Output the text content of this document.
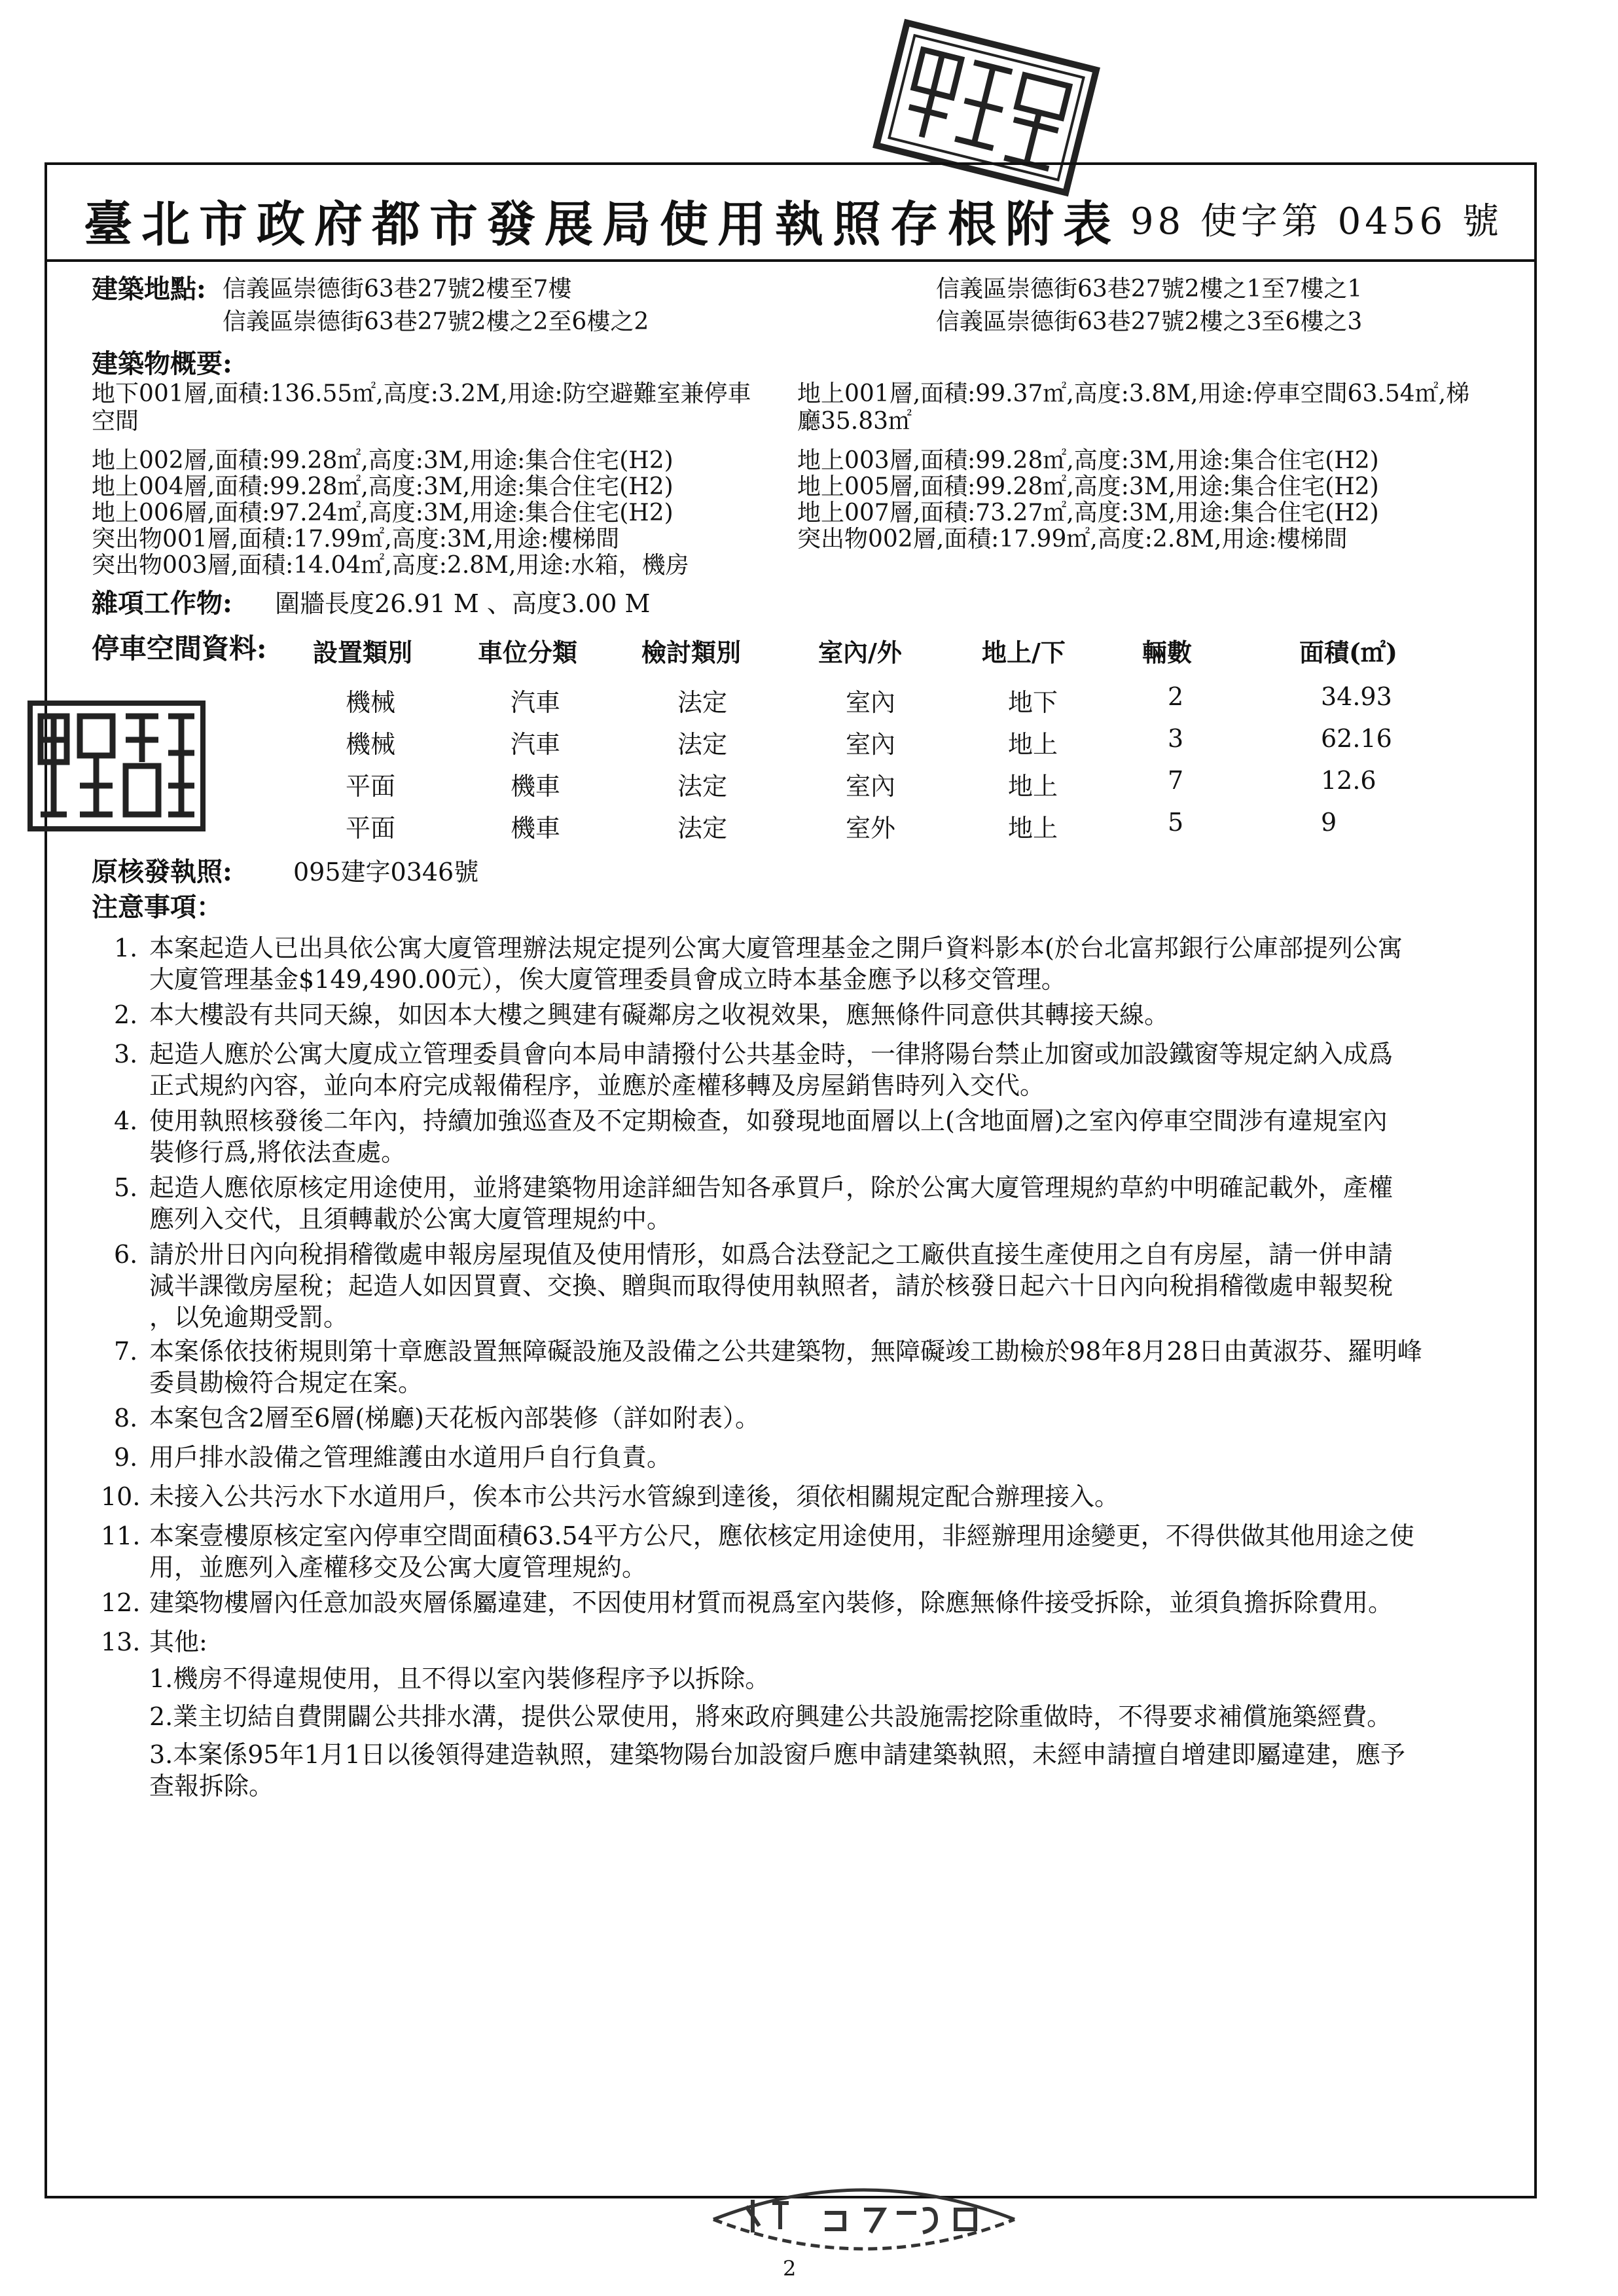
臺北市政府都市發展局使用執照存根附表 98 使字第 0456 號
建築地點: 信義區崇德街63巷27號2樓至7樓	信義區崇德街63巷27號2樓之1至7樓之1
信義區崇德街63巷27號2樓之2至6樓之2	信義區崇德街63巷27號2樓之3至6樓之3
建築物概要:
地下001層,面積:136.55㎡,高度:3.2M,用途:防空避難室兼停車
空間
地上002層,面積:99.28㎡,高度:3M,用途:集合住宅(H2)
地上004層,面積:99.28㎡,高度:3M,用途:集合住宅(H2)
地上006層,面積:97.24㎡,高度:3M,用途:集合住宅(H2)
突出物001層,面積:17.99㎡,高度:3M,用途:樓梯間
突出物003層,面積:14.04㎡,高度:2.8M,用途:水箱，機房
地上001層,面積:99.37㎡,高度:3.8M,用途:停車空間63.54㎡,梯
廳35.83㎡
地上003層,面積:99.28㎡,高度:3M,用途:集合住宅(H2)
地上005層,面積:99.28㎡,高度:3M,用途:集合住宅(H2)
地上007層,面積:73.27㎡,高度:3M,用途:集合住宅(H2)
突出物002層,面積:17.99㎡,高度:2.8M,用途:樓梯間
雜項工作物: 圍牆長度26.91 M 、高度3.00 M
停車空間資料: 設置類別	車位分類	檢討類別	室內/外	地上/下	輛數	面積(㎡)
機械	汽車	法定	室內	地下	2	34.93
機械	汽車	法定	室內	地上	3	62.16
平面	機車	法定	室內	地上	7	12.6
平面	機車	法定	室外	地上	5	9
原核發執照: 095建字0346號
注意事項：
1. 本案起造人已出具依公寓大廈管理辦法規定提列公寓大廈管理基金之開戶資料影本(於台北富邦銀行公庫部提列公寓
大廈管理基金$149,490.00元），俟大廈管理委員會成立時本基金應予以移交管理。
2. 本大樓設有共同天線，如因本大樓之興建有礙鄰房之收視效果，應無條件同意供其轉接天線。
3. 起造人應於公寓大廈成立管理委員會向本局申請撥付公共基金時，一律將陽台禁止加窗或加設鐵窗等規定納入成爲
正式規約內容，並向本府完成報備程序，並應於產權移轉及房屋銷售時列入交代。
4. 使用執照核發後二年內，持續加強巡查及不定期檢查，如發現地面層以上(含地面層)之室內停車空間涉有違規室內
裝修行爲,將依法查處。
5. 起造人應依原核定用途使用，並將建築物用途詳細告知各承買戶，除於公寓大廈管理規約草約中明確記載外，產權
應列入交代，且須轉載於公寓大廈管理規約中。
6. 請於卅日內向稅捐稽徵處申報房屋現值及使用情形，如爲合法登記之工廠供直接生產使用之自有房屋，請一併申請
減半課徵房屋稅；起造人如因買賣、交換、贈與而取得使用執照者，請於核發日起六十日內向稅捐稽徵處申報契稅
，以免逾期受罰。
7. 本案係依技術規則第十章應設置無障礙設施及設備之公共建築物，無障礙竣工勘檢於98年8月28日由黃淑芬、羅明峰
委員勘檢符合規定在案。
8. 本案包含2層至6層(梯廳)天花板內部裝修（詳如附表）。
9. 用戶排水設備之管理維護由水道用戶自行負責。
10. 未接入公共污水下水道用戶，俟本市公共污水管線到達後，須依相關規定配合辦理接入。
11. 本案壹樓原核定室內停車空間面積63.54平方公尺，應依核定用途使用，非經辦理用途變更，不得供做其他用途之使
用，並應列入產權移交及公寓大廈管理規約。
12. 建築物樓層內任意加設夾層係屬違建，不因使用材質而視爲室內裝修，除應無條件接受拆除，並須負擔拆除費用。
13. 其他:
1.機房不得違規使用，且不得以室內裝修程序予以拆除。
2.業主切結自費開闢公共排水溝，提供公眾使用，將來政府興建公共設施需挖除重做時，不得要求補償施築經費。
3.本案係95年1月1日以後領得建造執照，建築物陽台加設窗戶應申請建築執照，未經申請擅自增建即屬違建，應予
查報拆除。
2
